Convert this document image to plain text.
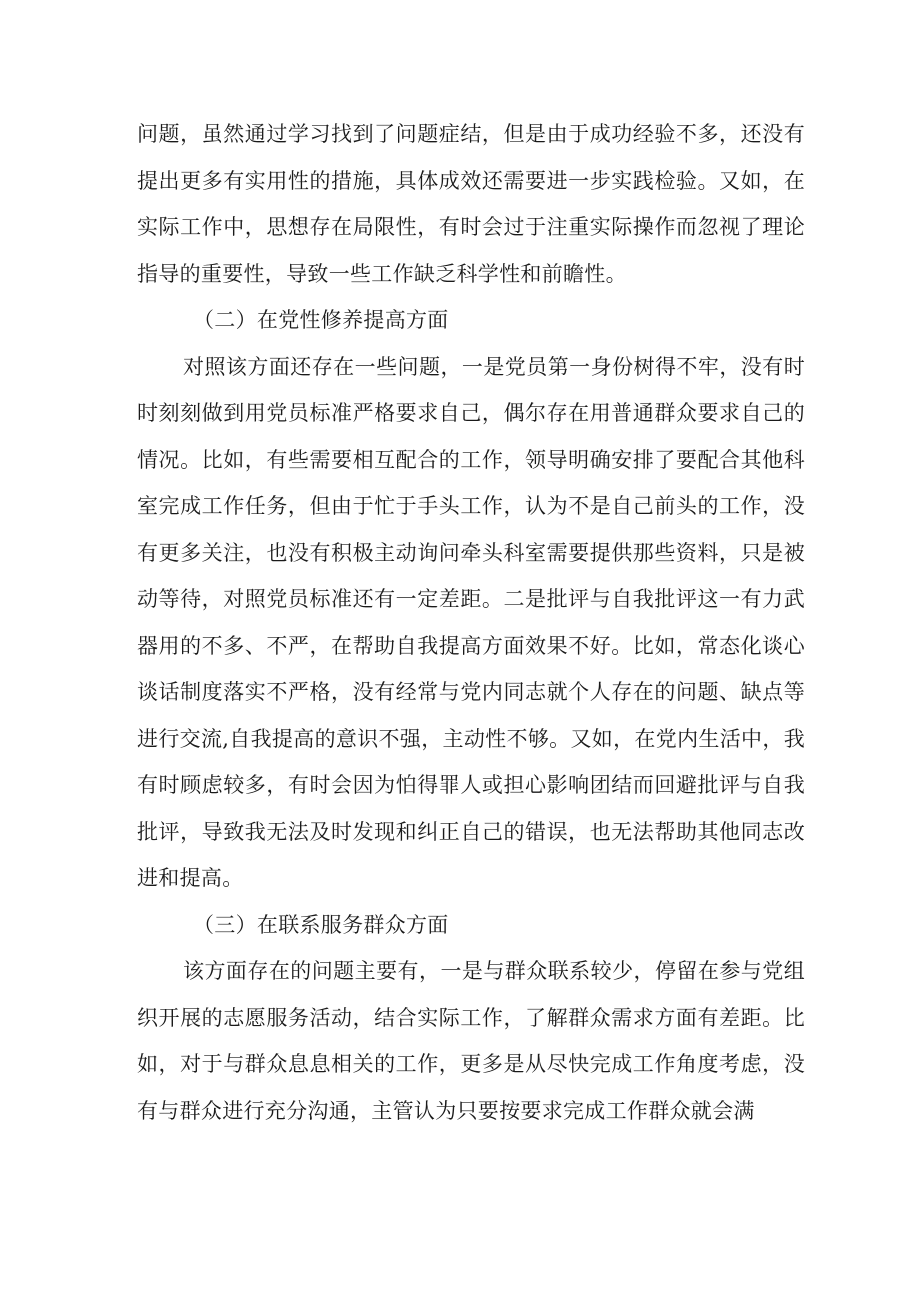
问题，虽然通过学习找到了问题症结，但是由于成功经验不多，还没有提出更多有实用性的措施，具体成效还需要进一步实践检验。又如，在实际工作中，思想存在局限性，有时会过于注重实际操作而忽视了理论指导的重要性，导致一些工作缺乏科学性和前瞻性。

（二）在党性修养提高方面

对照该方面还存在一些问题，一是党员第一身份树得不牢，没有时时刻刻做到用党员标准严格要求自己，偶尔存在用普通群众要求自己的情况。比如，有些需要相互配合的工作，领导明确安排了要配合其他科室完成工作任务，但由于忙于手头工作，认为不是自己前头的工作，没有更多关注，也没有积极主动询问牵头科室需要提供那些资料，只是被动等待，对照党员标准还有一定差距。二是批评与自我批评这一有力武器用的不多、不严，在帮助自我提高方面效果不好。比如，常态化谈心谈话制度落实不严格，没有经常与党内同志就个人存在的问题、缺点等进行交流,自我提高的意识不强，主动性不够。又如，在党内生活中，我有时顾虑较多，有时会因为怕得罪人或担心影响团结而回避批评与自我批评，导致我无法及时发现和纠正自己的错误，也无法帮助其他同志改进和提高。

（三）在联系服务群众方面

该方面存在的问题主要有，一是与群众联系较少，停留在参与党组织开展的志愿服务活动，结合实际工作，了解群众需求方面有差距。比如，对于与群众息息相关的工作，更多是从尽快完成工作角度考虑，没有与群众进行充分沟通，主管认为只要按要求完成工作群众就会满
